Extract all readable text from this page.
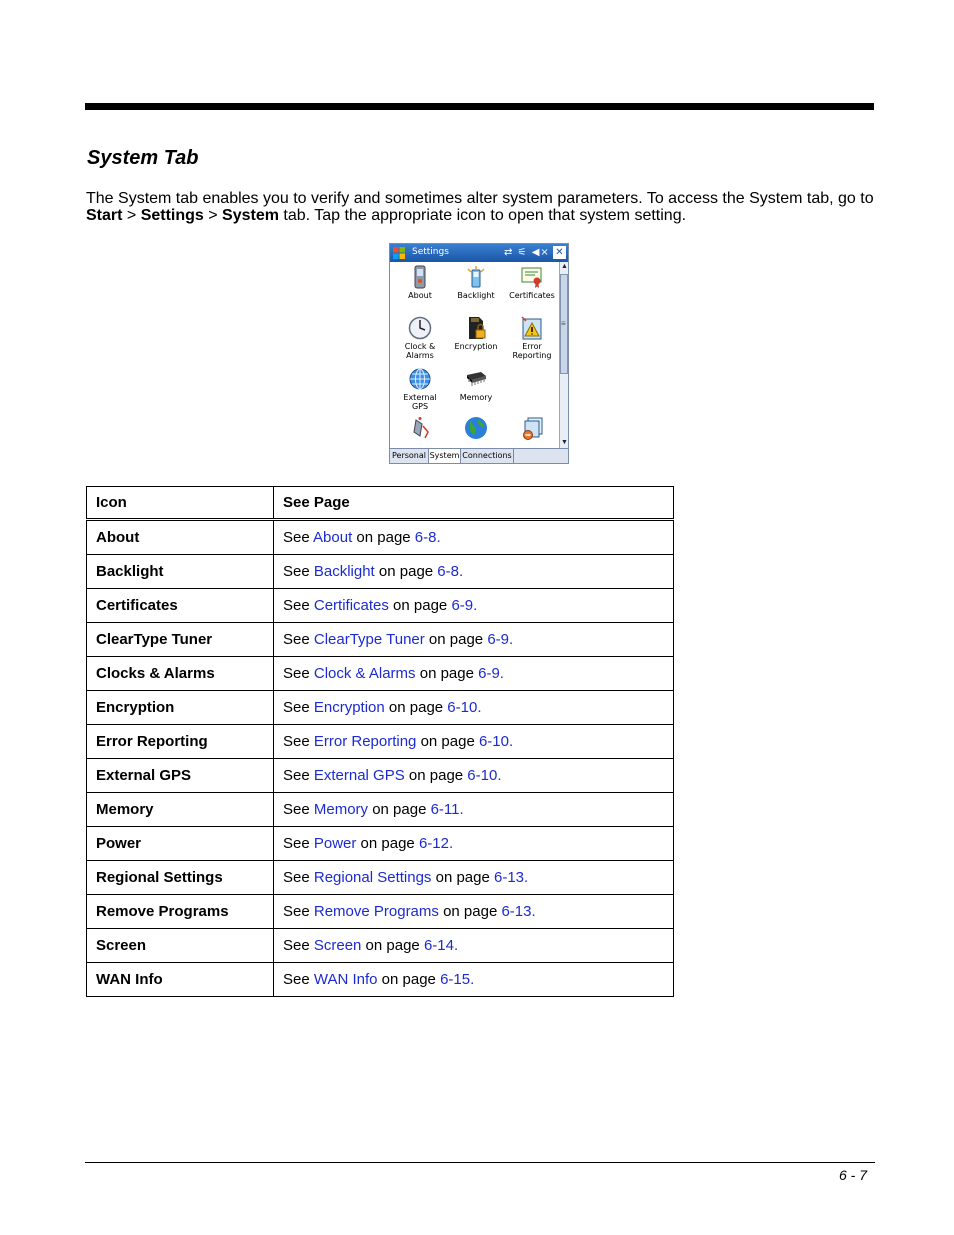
System Tab

The System tab enables you to verify and sometimes alter system parameters. To access the System tab, go to Start > Settings > System tab. Tap the appropriate icon to open that system setting.

Settings	⇄ ⚟ ◀× ✕
About	Backlight	Certificates
Clock &
Alarms
Encryption	Error
Reporting
External
GPS
Memory
▲
≡
▼
Personal System Connections
Icon	See Page
About	See About on page 6-8.
Backlight	See Backlight on page 6-8.
Certificates	See Certificates on page 6-9.
ClearType Tuner	See ClearType Tuner on page 6-9.
Clocks & Alarms	See Clock & Alarms on page 6-9.
Encryption	See Encryption on page 6-10.
Error Reporting	See Error Reporting on page 6-10.
External GPS	See External GPS on page 6-10.
Memory	See Memory on page 6-11.
Power	See Power on page 6-12.
Regional Settings	See Regional Settings on page 6-13.
Remove Programs	See Remove Programs on page 6-13.
Screen	See Screen on page 6-14.
WAN Info	See WAN Info on page 6-15.
6 - 7
